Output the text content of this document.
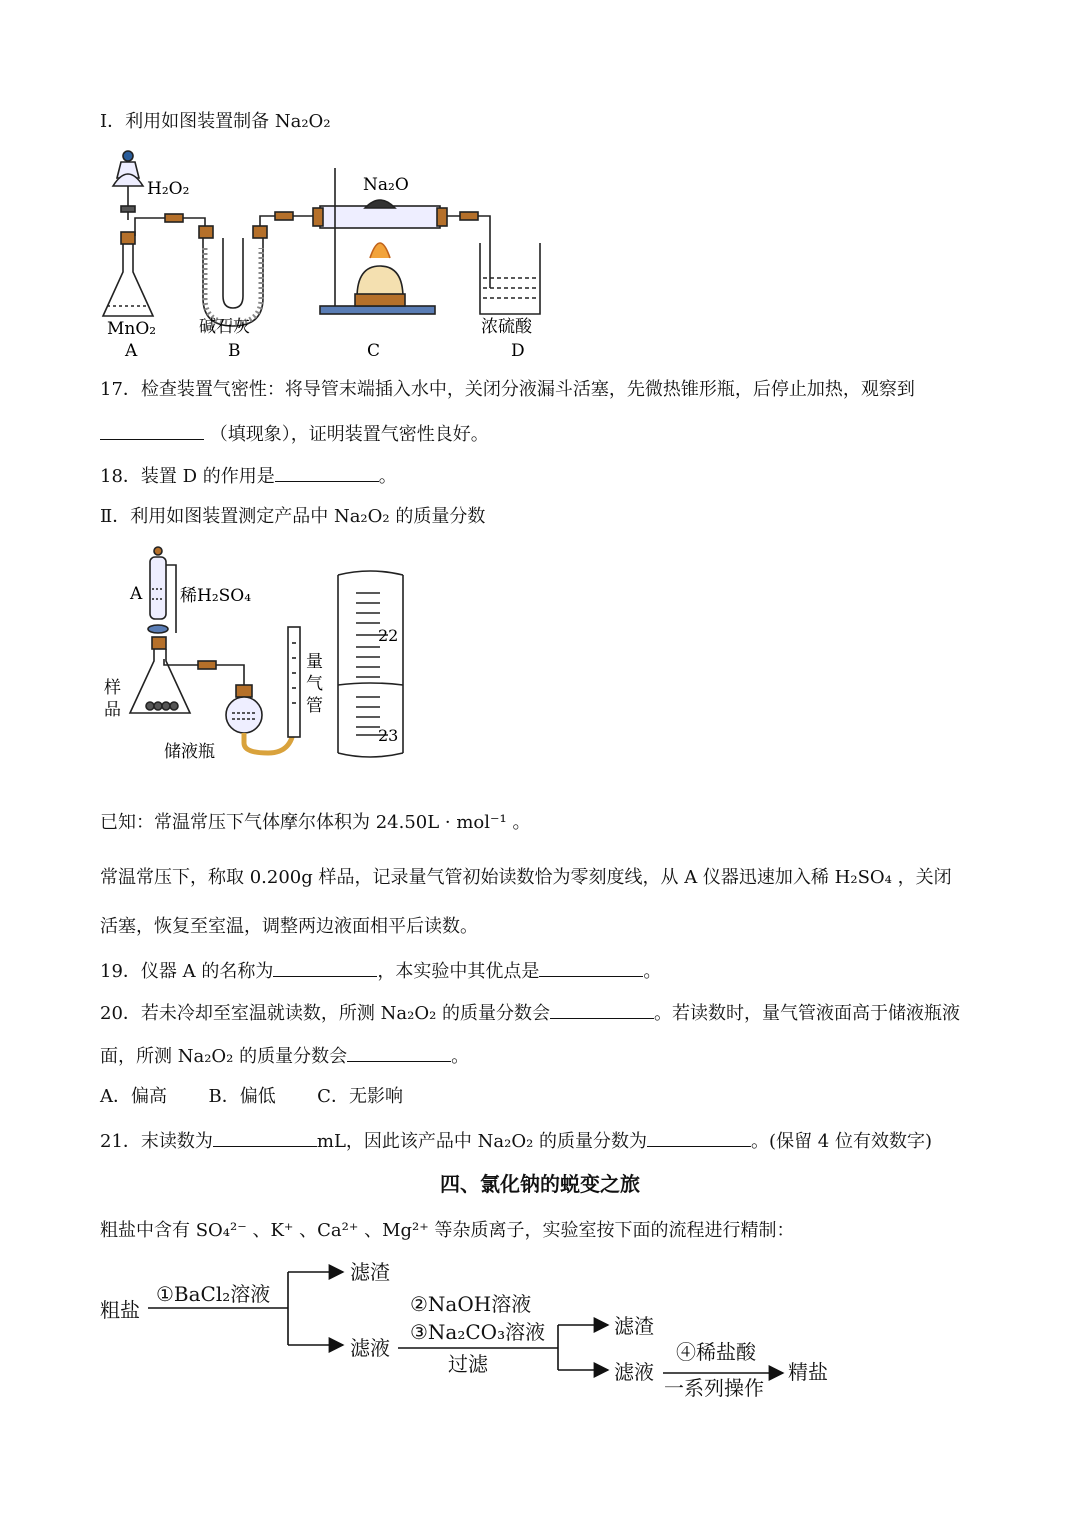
Ⅰ．利用如图装置制备 Na₂O₂
H₂O₂	Na₂O
MnO₂	碱石灰	浓硫酸
A	B	C	D
17．检查装置气密性：将导管末端插入水中，关闭分液漏斗活塞，先微热锥形瓶，后停止加热，观察到
（填现象），证明装置气密性良好。
18．装置 D 的作用是	。
Ⅱ．利用如图装置测定产品中 Na₂O₂ 的质量分数
A 稀H₂SO₄
样
品
储液瓶
量
气
管
22
23
已知：常温常压下气体摩尔体积为 24.50L · mol⁻¹ 。
常温常压下，称取 0.200g 样品，记录量气管初始读数恰为零刻度线，从 A 仪器迅速加入稀 H₂SO₄ ，关闭
活塞，恢复至室温，调整两边液面相平后读数。
19．仪器 A 的名称为	，本实验中其优点是	。
20．若未冷却至室温就读数，所测 Na₂O₂ 的质量分数会	。若读数时，量气管液面高于储液瓶液
面，所测 Na₂O₂ 的质量分数会	。
A．偏高 B．偏低 C．无影响
21．末读数为	mL，因此该产品中 Na₂O₂ 的质量分数为	。(保留 4 位有效数字)
四、氯化钠的蜕变之旅
粗盐中含有 SO₄²⁻ 、K⁺ 、Ca²⁺ 、Mg²⁺ 等杂质离子，实验室按下面的流程进行精制：
粗盐
①BaCl₂溶液
滤渣
滤液
②NaOH溶液
③Na₂CO₃溶液
过滤
滤渣
滤液
④稀盐酸
一系列操作
精盐
